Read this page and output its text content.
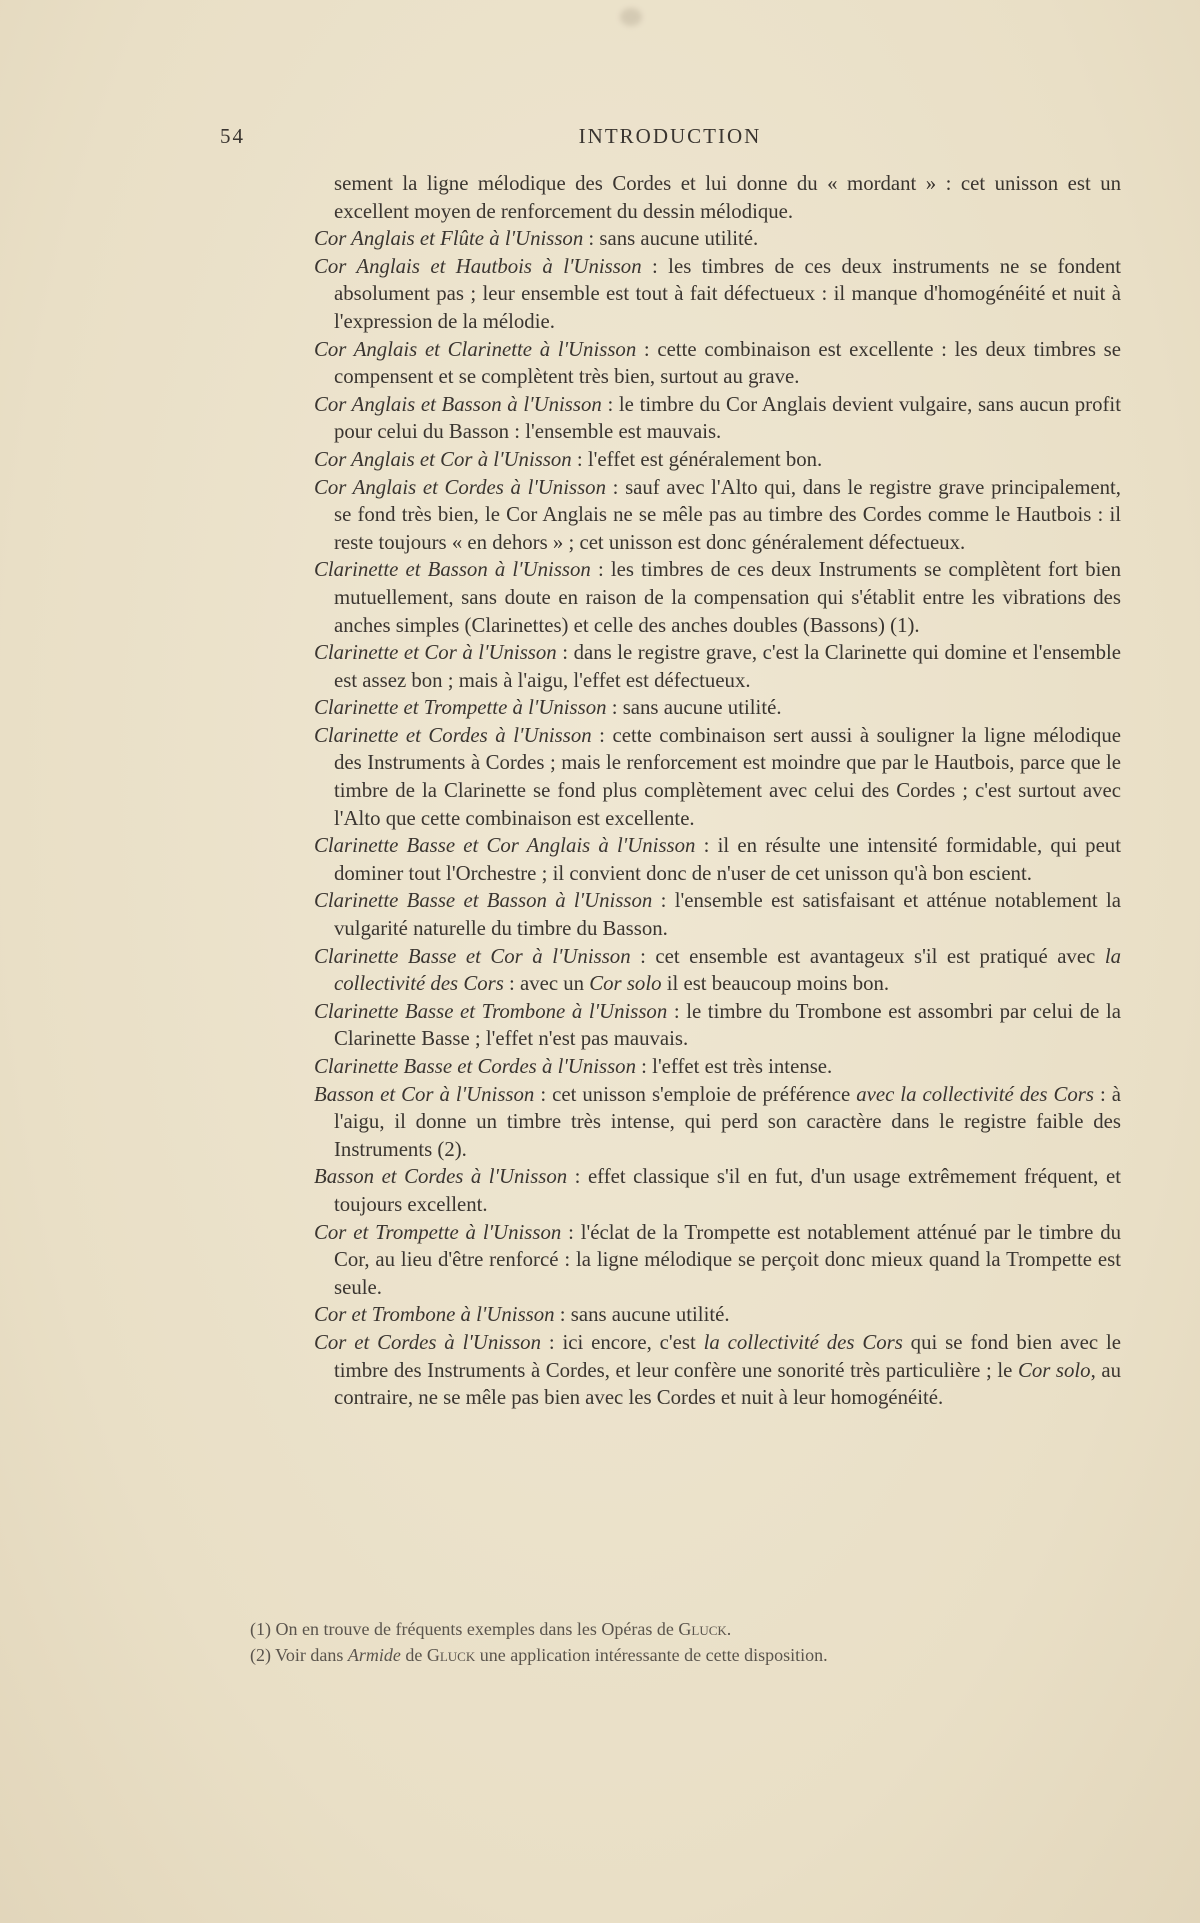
54	INTRODUCTION

sement la ligne mélodique des Cordes et lui donne du « mordant » : cet unisson est un excellent moyen de renforcement du dessin mélodique.

Cor Anglais et Flûte à l'Unisson : sans aucune utilité.

Cor Anglais et Hautbois à l'Unisson : les timbres de ces deux instruments ne se fondent absolument pas ; leur ensemble est tout à fait défectueux : il manque d'homogénéité et nuit à l'expression de la mélodie.

Cor Anglais et Clarinette à l'Unisson : cette combinaison est excellente : les deux timbres se compensent et se complètent très bien, surtout au grave.

Cor Anglais et Basson à l'Unisson : le timbre du Cor Anglais devient vulgaire, sans aucun profit pour celui du Basson : l'ensemble est mauvais.

Cor Anglais et Cor à l'Unisson : l'effet est généralement bon.

Cor Anglais et Cordes à l'Unisson : sauf avec l'Alto qui, dans le registre grave principalement, se fond très bien, le Cor Anglais ne se mêle pas au timbre des Cordes comme le Hautbois : il reste toujours « en dehors » ; cet unisson est donc généralement défectueux.

Clarinette et Basson à l'Unisson : les timbres de ces deux Instruments se complètent fort bien mutuellement, sans doute en raison de la compensation qui s'établit entre les vibrations des anches simples (Clarinettes) et celle des anches doubles (Bassons) (1).

Clarinette et Cor à l'Unisson : dans le registre grave, c'est la Clarinette qui domine et l'ensemble est assez bon ; mais à l'aigu, l'effet est défectueux.

Clarinette et Trompette à l'Unisson : sans aucune utilité.

Clarinette et Cordes à l'Unisson : cette combinaison sert aussi à souligner la ligne mélodique des Instruments à Cordes ; mais le renforcement est moindre que par le Hautbois, parce que le timbre de la Clarinette se fond plus complètement avec celui des Cordes ; c'est surtout avec l'Alto que cette combinaison est excellente.

Clarinette Basse et Cor Anglais à l'Unisson : il en résulte une intensité formidable, qui peut dominer tout l'Orchestre ; il convient donc de n'user de cet unisson qu'à bon escient.

Clarinette Basse et Basson à l'Unisson : l'ensemble est satisfaisant et atténue notablement la vulgarité naturelle du timbre du Basson.

Clarinette Basse et Cor à l'Unisson : cet ensemble est avantageux s'il est pratiqué avec la collectivité des Cors : avec un Cor solo il est beaucoup moins bon.

Clarinette Basse et Trombone à l'Unisson : le timbre du Trombone est assombri par celui de la Clarinette Basse ; l'effet n'est pas mauvais.

Clarinette Basse et Cordes à l'Unisson : l'effet est très intense.

Basson et Cor à l'Unisson : cet unisson s'emploie de préférence avec la collectivité des Cors : à l'aigu, il donne un timbre très intense, qui perd son caractère dans le registre faible des Instruments (2).

Basson et Cordes à l'Unisson : effet classique s'il en fut, d'un usage extrêmement fréquent, et toujours excellent.

Cor et Trompette à l'Unisson : l'éclat de la Trompette est notablement atténué par le timbre du Cor, au lieu d'être renforcé : la ligne mélodique se perçoit donc mieux quand la Trompette est seule.

Cor et Trombone à l'Unisson : sans aucune utilité.

Cor et Cordes à l'Unisson : ici encore, c'est la collectivité des Cors qui se fond bien avec le timbre des Instruments à Cordes, et leur confère une sonorité très particulière ; le Cor solo, au contraire, ne se mêle pas bien avec les Cordes et nuit à leur homogénéité.

(1) On en trouve de fréquents exemples dans les Opéras de Gluck.

(2) Voir dans Armide de Gluck une application intéressante de cette disposition.
